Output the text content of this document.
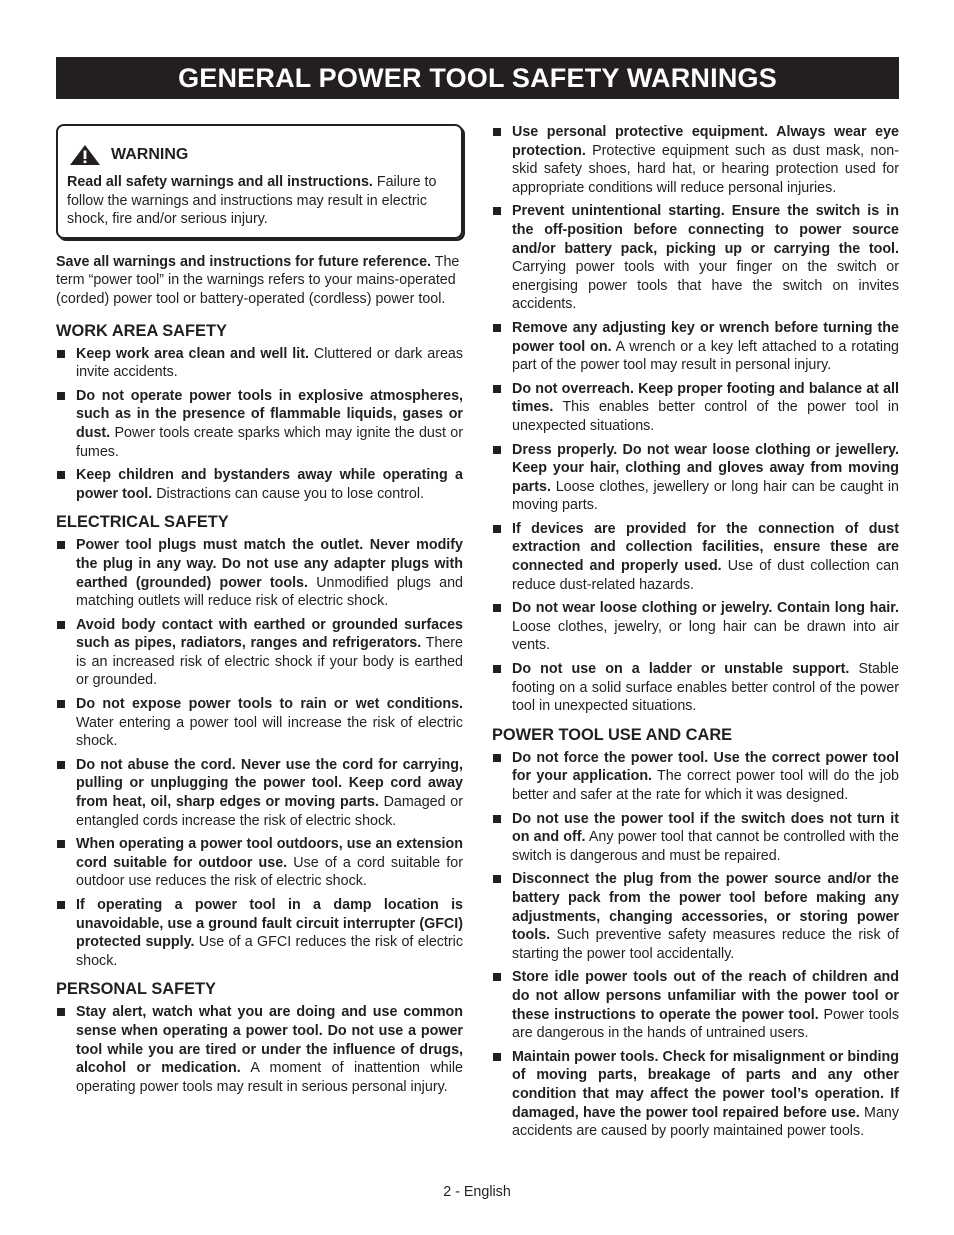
GENERAL POWER TOOL SAFETY WARNINGS
WARNING

Read all safety warnings and all instructions. Failure to follow the warnings and instructions may result in electric shock, fire and/or serious injury.

Save all warnings and instructions for future reference. The term “power tool” in the warnings refers to your mains-operated (corded) power tool or battery-operated (cordless) power tool.

WORK AREA SAFETY
Keep work area clean and well lit. Cluttered or dark areas invite accidents.
Do not operate power tools in explosive atmospheres, such as in the presence of flammable liquids, gases or dust. Power tools create sparks which may ignite the dust or fumes.
Keep children and bystanders away while operating a power tool. Distractions can cause you to lose control.
ELECTRICAL SAFETY
Power tool plugs must match the outlet. Never modify the plug in any way. Do not use any adapter plugs with earthed (grounded) power tools. Unmodified plugs and matching outlets will reduce risk of electric shock.
Avoid body contact with earthed or grounded surfaces such as pipes, radiators, ranges and refrigerators. There is an increased risk of electric shock if your body is earthed or grounded.
Do not expose power tools to rain or wet conditions. Water entering a power tool will increase the risk of electric shock.
Do not abuse the cord. Never use the cord for carrying, pulling or unplugging the power tool. Keep cord away from heat, oil, sharp edges or moving parts. Damaged or entangled cords increase the risk of electric shock.
When operating a power tool outdoors, use an extension cord suitable for outdoor use. Use of a cord suitable for outdoor use reduces the risk of electric shock.
If operating a power tool in a damp location is unavoidable, use a ground fault circuit interrupter (GFCI) protected supply. Use of a GFCI reduces the risk of electric shock.
PERSONAL SAFETY
Stay alert, watch what you are doing and use common sense when operating a power tool. Do not use a power tool while you are tired or under the influence of drugs, alcohol or medication. A moment of inattention while operating power tools may result in serious personal injury.
Use personal protective equipment. Always wear eye protection. Protective equipment such as dust mask, non-skid safety shoes, hard hat, or hearing protection used for appropriate conditions will reduce personal injuries.
Prevent unintentional starting. Ensure the switch is in the off-position before connecting to power source and/or battery pack, picking up or carrying the tool. Carrying power tools with your finger on the switch or energising power tools that have the switch on invites accidents.
Remove any adjusting key or wrench before turning the power tool on. A wrench or a key left attached to a rotating part of the power tool may result in personal injury.
Do not overreach. Keep proper footing and balance at all times. This enables better control of the power tool in unexpected situations.
Dress properly. Do not wear loose clothing or jewellery. Keep your hair, clothing and gloves away from moving parts. Loose clothes, jewellery or long hair can be caught in moving parts.
If devices are provided for the connection of dust extraction and collection facilities, ensure these are connected and properly used. Use of dust collection can reduce dust-related hazards.
Do not wear loose clothing or jewelry. Contain long hair. Loose clothes, jewelry, or long hair can be drawn into air vents.
Do not use on a ladder or unstable support. Stable footing on a solid surface enables better control of the power tool in unexpected situations.
POWER TOOL USE AND CARE
Do not force the power tool. Use the correct power tool for your application. The correct power tool will do the job better and safer at the rate for which it was designed.
Do not use the power tool if the switch does not turn it on and off. Any power tool that cannot be controlled with the switch is dangerous and must be repaired.
Disconnect the plug from the power source and/or the battery pack from the power tool before making any adjustments, changing accessories, or storing power tools. Such preventive safety measures reduce the risk of starting the power tool accidentally.
Store idle power tools out of the reach of children and do not allow persons unfamiliar with the power tool or these instructions to operate the power tool. Power tools are dangerous in the hands of untrained users.
Maintain power tools. Check for misalignment or binding of moving parts, breakage of parts and any other condition that may affect the power tool’s operation. If damaged, have the power tool repaired before use. Many accidents are caused by poorly maintained power tools.
2 - English
